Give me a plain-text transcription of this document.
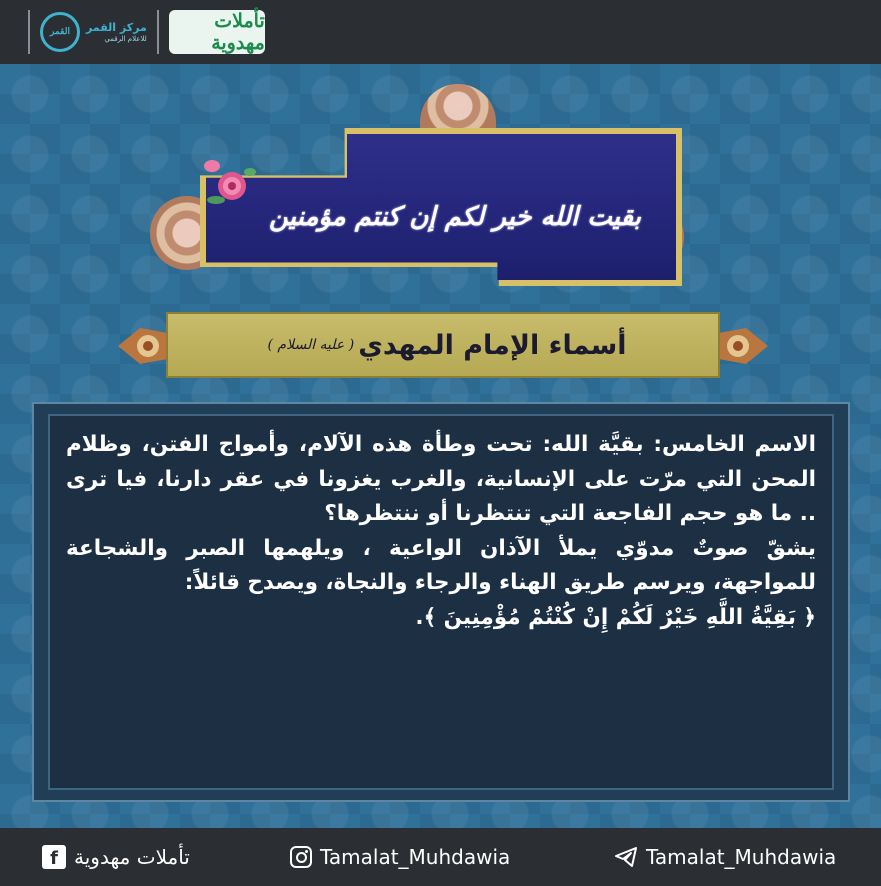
القمر	مركز القمر
للاعلام الرقمي
تأملات مهدوية
بقيت الله خير لكم إن كنتم مؤمنين
أسماء الإمام المهدي
( عليه السلام )

الاسم الخامس: بقيَّة الله: تحت وطأة هذه الآلام، وأمواج الفتن، وظلام المحن التي مرّت على الإنسانية، والغرب يغزونا في عقر دارنا، فيا ترى .. ما هو حجم الفاجعة التي تنتظرنا أو ننتظرها؟

يشقّ صوتٌ مدوّي يملأ الآذان الواعية ، ويلهمها الصبر والشجاعة للمواجهة، ويرسم طريق الهناء والرجاء والنجاة، ويصدح قائلاً:

﴿ بَقِيَّةُ اللَّهِ خَيْرٌ لَكُمْ إِنْ كُنْتُمْ مُؤْمِنِينَ ﴾.

f تأملات مهدوية	Tamalat_Muhdawia	Tamalat_Muhdawia
